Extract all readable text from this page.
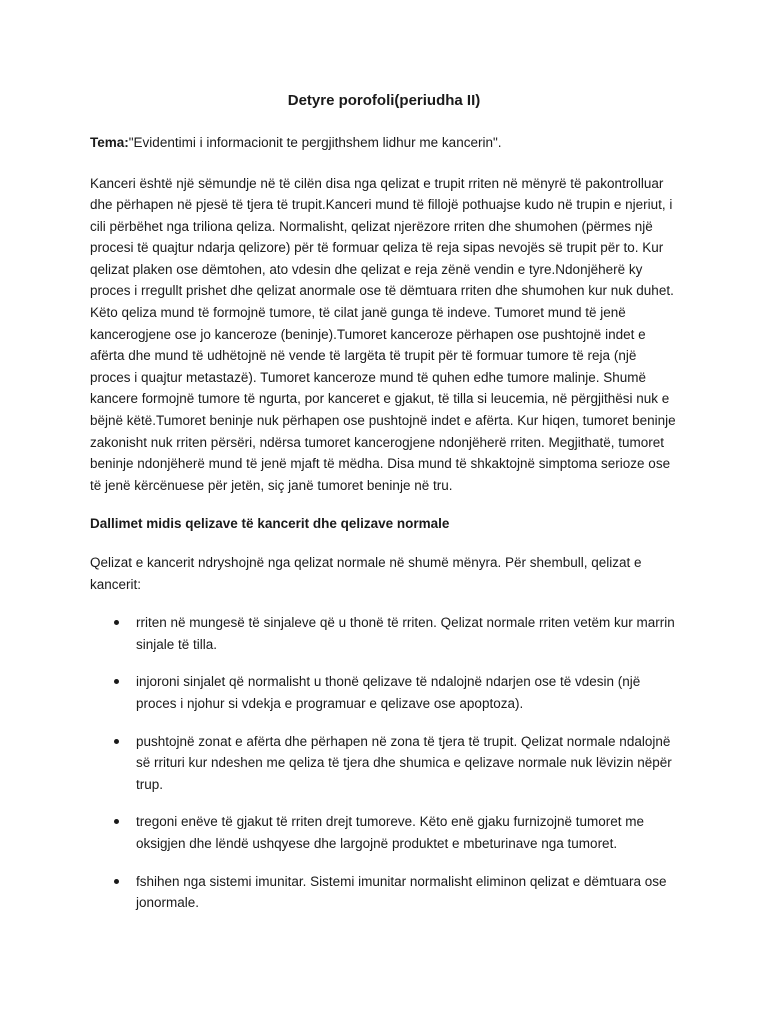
Detyre porofoli(periudha II)

Tema:"Evidentimi i informacionit te pergjithshem lidhur me kancerin".

Kanceri është një sëmundje në të cilën disa nga qelizat e trupit rriten në mënyrë të pakontrolluar dhe përhapen në pjesë të tjera të trupit.Kanceri mund të fillojë pothuajse kudo në trupin e njeriut, i cili përbëhet nga triliona qeliza. Normalisht, qelizat njerëzore rriten dhe shumohen (përmes një procesi të quajtur ndarja qelizore) për të formuar qeliza të reja sipas nevojës së trupit për to. Kur qelizat plaken ose dëmtohen, ato vdesin dhe qelizat e reja zënë vendin e tyre.Ndonjëherë ky proces i rregullt prishet dhe qelizat anormale ose të dëmtuara rriten dhe shumohen kur nuk duhet. Këto qeliza mund të formojnë tumore, të cilat janë gunga të indeve. Tumoret mund të jenë kancerogjene ose jo kanceroze (beninje).Tumoret kanceroze përhapen ose pushtojnë indet e afërta dhe mund të udhëtojnë në vende të largëta të trupit për të formuar tumore të reja (një proces i quajtur metastazë). Tumoret kanceroze mund të quhen edhe tumore malinje. Shumë kancere formojnë tumore të ngurta, por kanceret e gjakut, të tilla si leucemia, në përgjithësi nuk e bëjnë këtë.Tumoret beninje nuk përhapen ose pushtojnë indet e afërta. Kur hiqen, tumoret beninje zakonisht nuk rriten përsëri, ndërsa tumoret kancerogjene ndonjëherë rriten. Megjithatë, tumoret beninje ndonjëherë mund të jenë mjaft të mëdha. Disa mund të shkaktojnë simptoma serioze ose të jenë kërcënuese për jetën, siç janë tumoret beninje në tru.

Dallimet midis qelizave të kancerit dhe qelizave normale

Qelizat e kancerit ndryshojnë nga qelizat normale në shumë mënyra. Për shembull, qelizat e kancerit:

rriten në mungesë të sinjaleve që u thonë të rriten. Qelizat normale rriten vetëm kur marrin sinjale të tilla.
injoroni sinjalet që normalisht u thonë qelizave të ndalojnë ndarjen ose të vdesin (një proces i njohur si vdekja e programuar e qelizave ose apoptoza).
pushtojnë zonat e afërta dhe përhapen në zona të tjera të trupit. Qelizat normale ndalojnë së rrituri kur ndeshen me qeliza të tjera dhe shumica e qelizave normale nuk lëvizin nëpër trup.
tregoni enëve të gjakut të rriten drejt tumoreve. Këto enë gjaku furnizojnë tumoret me oksigjen dhe lëndë ushqyese dhe largojnë produktet e mbeturinave nga tumoret.
fshihen nga sistemi imunitar. Sistemi imunitar normalisht eliminon qelizat e dëmtuara ose jonormale.
